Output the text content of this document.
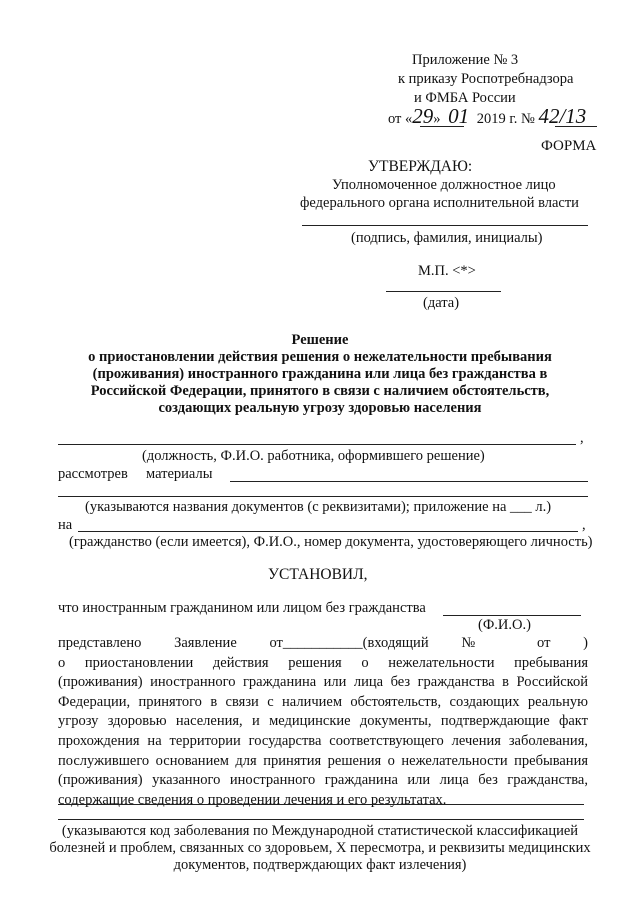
Приложение № 3
к приказу Роспотребнадзора
и ФМБА России
от «29» 01 2019 г. № 42/13
ФОРМА
УТВЕРЖДАЮ:
Уполномоченное должностное лицо
федерального органа исполнительной власти
(подпись, фамилия, инициалы)
М.П. <*>
(дата)
Решение
о приостановлении действия решения о нежелательности пребывания
(проживания) иностранного гражданина или лица без гражданства в
Российской Федерации, принятого в связи с наличием обстоятельств,
создающих реальную угрозу здоровью населения
,
(должность, Ф.И.О. работника, оформившего решение)
рассмотрев материалы
(указываются названия документов (с реквизитами); приложение на ___ л.)
на	,
(гражданство (если имеется), Ф.И.О., номер документа, удостоверяющего личность)
УСТАНОВИЛ,
что иностранным гражданином или лицом без гражданства
(Ф.И.О.)
представлено Заявление от___________(входящий № от )
о приостановлении действия решения о нежелательности пребывания
(проживания) иностранного гражданина или лица без гражданства в Российской
Федерации, принятого в связи с наличием обстоятельств, создающих реальную
угрозу здоровью населения, и медицинские документы, подтверждающие факт
прохождения на территории государства соответствующего лечения заболевания,
послужившего основанием для принятия решения о нежелательности пребывания
(проживания) указанного иностранного гражданина или лица без гражданства,
содержащие сведения о проведении лечения и его результатах.
(указываются код заболевания по Международной статистической классификацией
болезней и проблем, связанных со здоровьем, X пересмотра, и реквизиты медицинских
документов, подтверждающих факт излечения)
